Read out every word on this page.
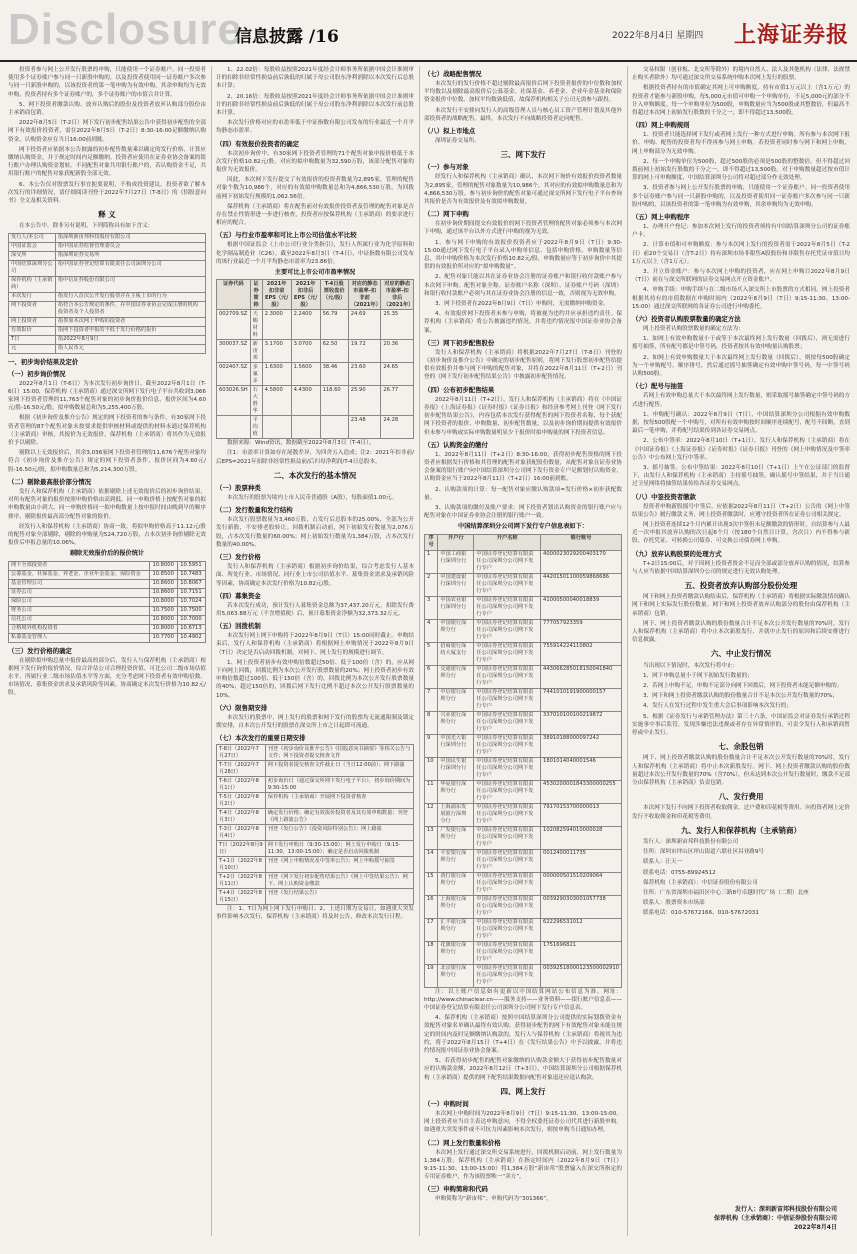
Disclosure
信息披露 /16	2022年8月4日 星期四 上海证券报

投资者参与网上公开发行股票的申购，只能使用一个证券账户。同一投资者使用多个证券账户参与同一只新股申购的，以及投资者使用同一证券账户多次参与同一只新股申购的，以该投资者的第一笔申购为有效申购，其余申购均为无效申购。投资者持有多个证券账户的，多个证券账户的市值合并计算。

5、网下投资者缴款认购、放弃认购后的股份及投资者放弃认购部分股份由主承销商包销。

2022年8月5日（T-2日）网下发行初步配售结果公告中获得初步配售的全部网下有效报价投资者，需在2022年8月5日（T-2日）8:30-16:00足额缴纳认购资金，认购资金应在当日16:00前到账。

网下投资者应依据本公告披露的初步配售数量乘以确定的发行价格，计算应缴纳认购资金，并于规定时间内足额缴纳。投资者应使用在证券业协会备案的银行账户办理认购资金划转。不同配售对象共用银行账户的，若认购资金不足，共用银行账户的配售对象获配新股全部无效。

6、本公告仅对股票发行事宜扼要说明，不构成投资建议。投资者欲了解本次发行的详细情况，请仔细阅读刊登于2022年7月27日（T-8日）的《招股意向书》全文及相关资料。

释 义

在本公告中，除非另有说明，下列简称具有如下含义：

发行人/本公司	指深圳新宙邦科技股份有限公司
中国证监会	指中国证券监督管理委员会
深交所	指深圳证券交易所
中国结算深圳分公司	指中国证券登记结算有限责任公司深圳分公司
保荐机构（主承销商）	指中信证券股份有限公司
本次发行	指发行人首次公开发行股票并在主板上市的行为
网下投资者	指符合本公告规定的条件，在中国证券业协会完成注册的机构投资者及个人投资者
网上投资者	指参加本次网上申购的投资者
有效报价	指网下投资者申报的不低于发行价格的报价
T日	指2022年8月9日
元	指人民币元
一、初步询价结果及定价
（一）初步询价情况

2022年8月1日（T-6日）为本次发行初步询价日。截至2022年8月1日（T-6日）15:00，保荐机构（主承销商）通过深交所网下发行电子平台共收到3,066家网下投资者管理的11,763个配售对象的初步询价报价信息，报价区间为4.60元/股-16.50元/股，拟申购数量总和为5,255,400万股。

根据《初步询价及推介公告》规定的网下投资者的参与条件，有30家网下投资者管理的87个配售对象未按要求提供审核材料或提供的材料未通过保荐机构（主承销商）审核，其报价为无效报价，保荐机构（主承销商）将其作为无效报价予以剔除。

剔除以上无效报价后，其余3,036家网下投资者管理的11,676个配售对象均符合《初步询价及推介公告》规定的网下投资者条件，报价区间为4.60元/股-16.50元/股，拟申购数量总和为5,214,300万股。

（二）剔除最高报价部分情况

发行人和保荐机构（主承销商）依据剔除上述无效报价后的初步询价结果，对所有配售对象的报价按照申购价格由高到低、同一申购价格上按配售对象的拟申购数量由小到大、同一申购价格同一拟申购数量上按申报时间由晚到早的顺序排序，剔除报价最高部分配售对象的报价。

经发行人和保荐机构（主承销商）协商一致，将拟申购价格高于11.12元/股的配售对象全部剔除，剔除的申购量为524,720万股，占本次初步询价剔除无效报价后申报总量的10.06%。

剔除无效报价后的报价统计
网下全部投资者	10.8000	10.5951
公募基金、社保基金、养老金、企业年金基金、保险资金	10.8500	10.7483
基金管理公司	10.8600	10.8067
证券公司	10.8600	10.7151
保险公司	10.8000	10.7024
财务公司	10.7500	10.7500
信托公司	10.8000	10.7000
合格境外机构投资者	10.8000	10.6713
私募基金管理人	10.7700	10.4902
（三）发行价格的确定

在剔除拟申购总量中报价最高的部分后，发行人与保荐机构（主承销商）根据网下发行询价报价情况，综合评估公司合理投资价值、可比公司二级市场估值水平、所属行业二级市场估值水平等方面，充分考虑网下投资者有效申购倍数、市场情况、募集资金需求及承销风险等因素，协商确定本次发行价格为10.82元/股。

1、22.02倍：每股收益按照2021年度经会计师事务所依据中国会计准则审计的扣除非经常性损益前后孰低的归属于母公司股东净利润除以本次发行后总股本计算；

2、20.16倍：每股收益按照2021年度经会计师事务所依据中国会计准则审计的扣除非经常性损益前后孰低的归属于母公司股东净利润除以本次发行前总股本计算。

本次发行价格对应的市盈率低于中证指数有限公司发布的行业最近一个月平均静态市盈率。

（四）有效报价投资者的确定

本次初步询价中，有30家网下投资者管理的71个配售对象申报价格低于本次发行价格10.82元/股，对应的拟申购数量为32,590万股，该部分配售对象的报价为无效报价。

因此，本次网下发行提交了有效报价的投资者数量为2,895家，管理的配售对象个数为10,986个，对应的有效拟申购数量总和为4,866,530万股，为回拨前网下初始发行规模的1,062.56倍。

保荐机构（主承销商）将在配售前对有效报价投资者及管理的配售对象是否存在禁止性情形进一步进行核查，投资者应按保荐机构（主承销商）的要求进行相应的配合。

（五）与行业市盈率和可比上市公司估值水平比较

根据中国证监会《上市公司行业分类指引》，发行人所属行业为化学原料和化学制品制造业（C26）。截至2022年8月3日（T-4日），中证指数有限公司发布的该行业最近一个月平均静态市盈率为23.86倍。

主要可比上市公司市盈率情况
证券代码	证券简称	2021年扣非前EPS（元/股）	2021年扣非后EPS（元/股）	T-4日股票收盘价（元/股）	对应的静态市盈率-扣非前（2021年）	对应的静态市盈率-扣非后（2021年）
002709.SZ	天赐材料	2.3000	2.2400	56.79	24.69	25.35
300037.SZ	新宙邦	3.1700	3.0700	62.50	19.72	20.36
002407.SZ	多氟多	1.6300	1.5600	38.46	23.60	24.65
603026.SH	石大胜华	4.5800	4.4300	118.60	25.90	26.77
	平均值				23.48	24.28

数据来源：Wind资讯，数据截至2022年8月3日（T-4日）。

注1：市盈率计算如存在尾数差异，为四舍五入造成；注2：2021年扣非前/后EPS=2021年扣除非经常性损益前/后归母净利润/T-4日总股本。

二、本次发行的基本情况
（一）股票种类

本次发行的股票为境内上市人民币普通股（A股），每股面值1.00元。

（二）发行数量和发行结构

本次发行股票数量为3,460万股，占发行后总股本的25.00%，全部为公开发行新股，不安排老股转让。回拨机制启动前，网下初始发行数量为2,076万股，占本次发行数量的60.00%；网上初始发行数量为1,384万股，占本次发行数量的40.00%。

（三）发行价格

发行人和保荐机构（主承销商）根据初步询价结果，综合考虑发行人基本面、所处行业、市场情况、同行业上市公司估值水平、募集资金需求及承销风险等因素，协商确定本次发行价格为10.82元/股。

（四）募集资金

若本次发行成功，预计发行人募集资金总额为37,437.20万元，扣除发行费用5,063.88万元（不含增值税）后，预计募集资金净额为32,373.32万元。

（五）回拨机制

本次发行网上网下申购将于2022年8月9日（T日）15:00同时截止。申购结束后，发行人和保荐机构（主承销商）将根据网上申购情况于2022年8月9日（T日）决定是否启动回拨机制，对网下、网上发行的规模进行调节。

1、网上投资者初步有效申购倍数超过50倍、低于100倍（含）的，应从网下向网上回拨，回拨比例为本次公开发行股票数量的20%；网上投资者初步有效申购倍数超过100倍、低于150倍（含）的，回拨比例为本次公开发行股票数量的40%；超过150倍的，回拨后网下发行比例不超过本次公开发行股票数量的10%。

（六）限售期安排

本次发行的股票中，网上发行的股票和网下发行的股票均无流通限制及锁定期安排，自本次公开发行的股票在深交所上市之日起即可流通。

（七）本次发行的重要日期安排
T-8日（2022年7月27日）	刊登《初步询价及推介公告》《招股意向书摘要》等相关公告与文件；网下投资者提交核查文件
T-7日（2022年7月28日）	网下投资者提交核查文件截止日（当日12:00前）；网下路演
T-6日（2022年8月1日）	初步询价日（通过深交所网下发行电子平台），初步询价期间为9:30-15:00
T-5日（2022年8月2日）	保荐机构（主承销商）开展网下投资者核查
T-4日（2022年8月3日）	确定发行价格；确定有效报价投资者及其有效申购数量；刊登《网上路演公告》
T-3日（2022年8月4日）	刊登《发行公告》《投资风险特别公告》；网上路演
T日（2022年8月9日）	网下发行申购日（9:30-15:00）；网上发行申购日（9:15-11:30，13:00-15:00）；确定是否启动回拨机制
T+1日（2022年8月10日）	刊登《网上申购情况及中签率公告》；网上申购摇号抽签
T+2日（2022年8月11日）	刊登《网下发行初步配售结果公告》《网上中签结果公告》；网下、网上认购资金缴款
T+4日（2022年8月15日）	刊登《发行结果公告》

注：1、T日为网上网下发行申购日；2、上述日期为交易日，如遇重大突发事件影响本次发行，保荐机构（主承销商）将及时公告，修改本次发行日程。

（七）战略配售情况

本次发行的发行价格不超过剔除最高报价后网下投资者报价的中位数和加权平均数以及剔除最高报价后公募基金、社保基金、养老金、企业年金基金和保险资金报价中位数、加权平均数孰低值，故保荐机构相关子公司无需参与跟投。

本次发行不安排向发行人的高级管理人员与核心员工资产管理计划及其他外部投资者的战略配售。最终，本次发行不向战略投资者定向配售。

（八）拟上市地点

深圳证券交易所。

三、网下发行
（一）参与对象

经发行人和保荐机构（主承销商）确认，本次网下询价有效报价投资者数量为2,895家，管理的配售对象数量为10,986个，其对应的有效拟申购数量总和为4,866,530万股。参与初步询价的配售对象可通过深交所网下发行电子平台查询其报价是否为有效报价及有效拟申购数量。

（二）网下申购

在初步询价期间提交有效报价的网下投资者管理的配售对象必须参与本次网下申购，通过该平台以外方式进行申购的视为无效。

1、参与网下申购的有效报价投资者应于2022年8月9日（T日）9:30-15:00通过网下发行电子平台录入申购单信息，包括申购价格、申购数量等信息，其中申购价格为本次发行价格10.82元/股，申购数量应等于初步询价中其提供的有效报价所对应的“拟申购数量”。

2、配售对象只能以其在证券业协会注册的证券账户和银行收付款账户参与本次网下申购。配售对象全称、证券账户名称（深圳）、证券账户号码（深圳）和银行收付款账户必须与其在证券业协会注册的信息一致，否则视为无效申购。

3、网下投资者在2022年8月9日（T日）申购时，无需缴纳申购资金。

4、有效报价网下投资者未参与申购，将被视为违约并应承担违约责任。保荐机构（主承销商）将公告披露违约情况，并将违约情况报中国证券业协会备案。

（三）网下初步配售股份

发行人和保荐机构（主承销商）将根据2022年7月27日（T-8日）刊登的《初步询价及推介公告》中确定的初步配售原则，将网下发行股票初步配售给提供有效报价并参与网下申购的配售对象，并将在2022年8月11日（T+2日）刊登的《网下发行初步配售结果公告》中披露初步配售情况。

（四）公布初步配售结果

2022年8月11日（T+2日），发行人和保荐机构（主承销商）将在《中国证券报》《上海证券报》《证券时报》《证券日报》和经济参考网上刊登《网下发行初步配售结果公告》，内容包括本次发行获得配售的网下投资者名称、每个获配网下投资者的报价、申购数量、初步配售数量，以及初步询价期间提供有效报价但未参与申购或实际申购数量明显少于报价时拟申购量的网下投资者信息。

（五）认购资金的缴付

1、2022年8月11日（T+2日）8:30-16:00，获得初步配售资格的网下投资者应根据发行价格和其管理的配售对象获配股份数量，从配售对象在证券业协会备案的银行账户向中国结算深圳分公司网下发行资金专户足额划付认购资金，认购资金应当于2022年8月11日（T+2日）16:00前到账。

2、认购款项的计算：每一配售对象应缴认购款项=发行价格×初步获配数量。

3、认购款项的缴付及账户要求：网下投资者划出认购资金的银行账户应与配售对象在中国证券业协会注册的银行账户一致。

中国结算深圳分公司网下发行专户信息表如下：
序号	开户行	开户名称	银行账号
1	中国工商银行深圳分行	中国证券登记结算有限责任公司深圳分公司网下发行专户	4000023029200403170
2	中国建设银行深圳分行	中国证券登记结算有限责任公司深圳分公司网下发行专户	44201501100059868686
3	中国农业银行深圳分行	中国证券登记结算有限责任公司深圳分公司网下发行专户	41000500040018839
4	中国银行深圳分行	中国证券登记结算有限责任公司深圳分公司网下发行专户	777057923359
5	招商银行深纺大厦支行	中国证券登记结算有限责任公司深圳分公司网下发行专户	755914224110802
6	交通银行深圳分行	中国证券登记结算有限责任公司深圳分公司网下发行专户	443066285018150041840
7	中信银行深圳分行	中国证券登记结算有限责任公司深圳分公司网下发行专户	7441010191900000157
8	兴业银行深圳分行	中国证券登记结算有限责任公司深圳分公司网下发行专户	337010100100219872
9	中国光大银行深圳分行	中国证券登记结算有限责任公司深圳分公司网下发行专户	38910188000097242
10	中国民生银行深圳分行	中国证券登记结算有限责任公司深圳分公司网下发行专户	1801014040001546
11	华夏银行深圳分行	中国证券登记结算有限责任公司深圳分公司网下发行专户	4530200001843300000255
12	上海浦东发展银行深圳分行	中国证券登记结算有限责任公司深圳分公司网下发行专户	79170153700000013
13	广发银行深圳分行	中国证券登记结算有限责任公司深圳分公司网下发行专户	102082594010000028
14	平安银行深圳分行	中国证券登记结算有限责任公司深圳分公司网下发行专户	0012400011735
15	渣打银行深圳分行	中国证券登记结算有限责任公司深圳分公司网下发行专户	000000501510209064
16	上海银行深圳分行	中国证券登记结算有限责任公司深圳分公司网下发行专户	0039290303001057738
17	汇丰银行深圳分行	中国证券登记结算有限责任公司深圳分公司网下发行专户	622296531012
18	花旗银行深圳分行	中国证券登记结算有限责任公司深圳分公司网下发行专户	1751696821
19	北京银行深圳分行	中国证券登记结算有限责任公司深圳分公司网下发行专户	00392518000123500002910

注：以上账户信息如有更新以中国结算网站公布信息为准。网址：http://www.chinaclear.cn——服务支持——业务资料——银行账户信息表——中国证券登记结算有限责任公司深圳分公司网下发行专户信息表。

4、保荐机构（主承销商）按照中国结算深圳分公司提供的实际划拨资金有效配售对象名单确认最终有效认购。获得初步配售的网下有效配售对象未能在规定的时间内及时足额缴纳认购款的，发行人与保荐机构（主承销商）将视其为违约，将于2022年8月15日（T+4日）在《发行结果公告》中予以披露，并将违约情况报中国证券业协会备案。

5、若获得初步配售的配售对象缴纳的认购款金额大于获得初步配售数量对应的认购款金额，2022年8月12日（T+3日），中国结算深圳分公司根据保荐机构（主承销商）提供的网下配售结果数据向配售对象退还应退认购款。

四、网上发行
（一）申购时间

本次网上申购时间为2022年8月9日（T日）9:15-11:30、13:00-15:00。网上投资者应当自主表达申购意向，不得全权委托证券公司代其进行新股申购。如遇重大突发事件或不可抗力因素影响本次发行，则按申购当日通知办理。

（二）网上发行数量和价格

本次网上发行通过深交所交易系统进行，回拨机制启动前，网上发行数量为1,384万股。保荐机构（主承销商）在指定时间内（2022年8月9日（T日）9:15-11:30、13:00-15:00）将1,384万股“新宙邦”股票输入在深交所指定的专用证券账户，作为该股票唯一“卖方”。

（三）申购简称和代码

申购简称为“新宙邦”；申购代码为“301366”。

交易权限（创业板、北交所等除外）的境内自然人、法人及其他机构（法律、法规禁止购买者除外）均可通过深交所交易系统申购本次网上发行的股票。

根据投资者持有的市值确定其网上可申购额度。持有市值1万元以上（含1万元）的投资者才能参与新股申购，每5,000元市值可申购一个申购单位，不足5,000元的部分不计入申购额度。每一个申购单位为500股，申购数量应当为500股或其整数倍，但最高不得超过本次网上初始发行股数的千分之一，即不得超过13,500股。

（四）网上申购规则

1、投资者只能选择网下发行或者网上发行一种方式进行申购。所有参与本次网下报价、申购、配售的投资者均不得再参与网上申购。若投资者同时参与网下和网上申购，网上申购部分为无效申购。

2、每一个申购单位为500股，超过500股的必须是500股的整数倍，但不得超过回拨前网上初始发行股数的千分之一，即不得超过13,500股。对于申购数量超过按市值计算的网上可申购额度，中国结算深圳分公司将对超过部分作无效处理。

3、投资者参与网上公开发行股票的申购，只能使用一个证券账户。同一投资者使用多个证券账户参与同一只新股申购的，以及投资者使用同一证券账户多次参与同一只新股申购的，以该投资者的第一笔申购为有效申购，其余申购均为无效申购。

（五）网上申购程序

1、办理开户登记：参加本次网上发行的投资者须持有中国结算深圳分公司的证券账户卡。

2、计算市值和可申购额度：参与本次网上发行的投资者需于2022年8月5日（T-2日）前20个交易日（含T-2日）持有深圳市场非限售A股股份和非限售存托凭证市值日均1万元以上（含1万元）。

3、开立资金账户：参与本次网上申购的投资者，应在网上申购日2022年8月9日（T日）前在与深交所联网的证券交易网点开立资金账户。

4、申购手续：申购手续与在二级市场买入深交所上市股票的方式相同，网上投资者根据其持有的市值数据在申购时间内（2022年8月9日（T日）9:15-11:30、13:00-15:00）通过深交所联网的各证券公司进行申购委托。

（六）投资者认购股票数量的确定方法

网上投资者认购股票数量的确定方法为：

1、如网上有效申购数量小于或等于本次最终网上发行数量（回拨后），则无需进行摇号抽签，所有配号都是中签号码，投资者按其有效申购量认购股票；

2、如网上有效申购数量大于本次最终网上发行数量（回拨后），则按每500股确定为一个申购配号，顺序排号，然后通过摇号抽签确定有效申购中签号码，每一中签号码认购500股。

（七）配号与抽签

若网上有效申购总量大于本次最终网上发行数量，则采取摇号抽签确定中签号码的方式进行配售。

1、申购配号确认：2022年8月9日（T日），中国结算深圳分公司根据有效申购数据，按每500股配一个申购号，对所有有效申购按时间顺序连续配号，配号不间断，直到最后一笔申购，并将配号结果传到各证券交易网点。

2、公布中签率：2022年8月10日（T+1日），发行人和保荐机构（主承销商）将在《中国证券报》《上海证券报》《证券时报》《证券日报》刊登的《网上申购情况及中签率公告》中公布网上发行中签率。

3、摇号抽签、公布中签结果：2022年8月10日（T+1日）上午在公证部门的监督下，由发行人和保荐机构（主承销商）主持摇号抽签，确认摇号中签结果，并于当日通过卫星网络将抽签结果传给各证券交易网点。

（八）中签投资者缴款

投资者申购新股摇号中签后，应依据2022年8月11日（T+2日）公告的《网上中签结果公告》履行缴款义务，网上投资者缴款时，应遵守投资者所在证券公司相关规定。

网上投资者连续12个月内累计出现3次中签但未足额缴款的情形时，自结算参与人最近一次申报其放弃认购的次日起6个月（按180个自然日计算，含次日）内不得参与新股、存托凭证、可转换公司债券、可交换公司债券网上申购。

（九）放弃认购股票的处理方式

T+2日15:00后，对于因网上投资者资金不足而全部或部分放弃认购的情况，结算参与人应当依据中国结算深圳分公司的规定进行无效认购处理。

五、投资者放弃认购部分股份处理

网下和网上投资者缴款认购结束后，保荐机构（主承销商）将根据实际缴款情况确认网下和网上实际发行股份数量。网下和网上投资者放弃认购部分的股份由保荐机构（主承销商）包销。

网下、网上投资者缴款认购的股份数量合计不足本次公开发行数量的70%时，发行人和保荐机构（主承销商）将中止本次新股发行，并就中止发行的原因和后续安排进行信息披露。

六、中止发行情况

当出现以下情况时，本次发行将中止：

1、网下申购总量小于网下初始发行数量的；

2、若网上申购不足，申购不足部分向网下回拨后，网下投资者未能足额申购的；

3、网下和网上投资者缴款认购的股份数量合计不足本次公开发行数量的70%；

4、发行人在发行过程中发生重大会后事项影响本次发行的；

5、根据《证券发行与承销管理办法》第三十六条，中国证监会对证券发行承销过程实施事中事后监管，发现涉嫌违法违规或者存在异常情形的，可责令发行人和承销商暂停或中止发行。

七、余股包销

网下、网上投资者缴款认购的股份数量合计不足本次公开发行数量的70%时，发行人和保荐机构（主承销商）将中止本次新股发行。网下、网上投资者缴款认购的股份数量超过本次公开发行数量的70%（含70%），但未达到本次公开发行数量时，缴款不足部分由保荐机构（主承销商）负责包销。

八、发行费用

本次网下发行不向网下投资者收取佣金、过户费和印花税等费用。向投资者网上定价发行不收取佣金和印花税等费用。

九、发行人和保荐机构（主承销商）

发行人：深圳新宙邦科技股份有限公司

住所：深圳市坪山区坪山街道六联社区昌业路9号

联系人：汪天一

联系电话：0755-89924512

保荐机构（主承销商）：中信证券股份有限公司

住所：广东省深圳市福田区中心三路8号卓越时代广场（二期）北座

联系人：股票资本市场部

联系电话：010-57672166、010-57672031

发行人：深圳新宙邦科技股份有限公司
保荐机构（主承销商）：中信证券股份有限公司
2022年8月4日
